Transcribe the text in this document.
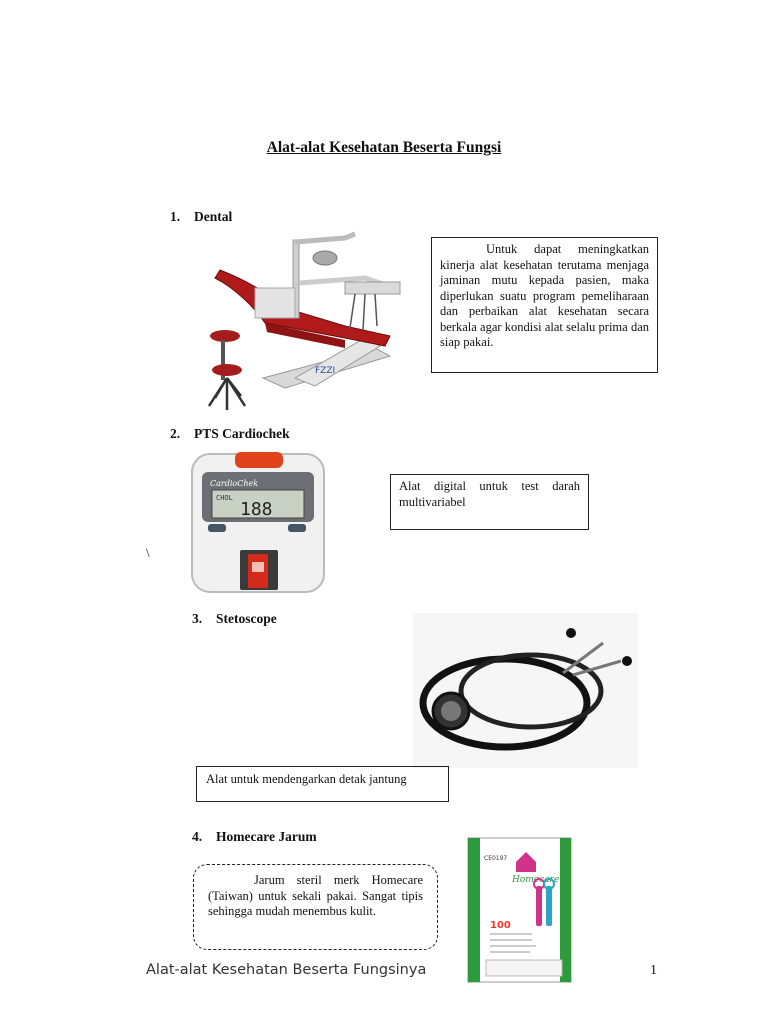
Alat-alat Kesehatan Beserta Fungsi
1. Dental
FZZI
Untuk dapat meningkatkan kinerja alat kesehatan terutama menjaga jaminan mutu kepada pasien, maka diperlukan suatu program pemeliharaan dan perbaikan alat kesehatan secara berkala agar kondisi alat selalu prima dan siap pakai.
2. PTS Cardiochek
CardioChek
CHOL
188
Alat digital untuk test darah multivariabel
\
3. Stetoscope
Alat untuk mendengarkan detak jantung
4. Homecare Jarum
CE0197
Homecare
100
Jarum steril merk Homecare (Taiwan) untuk sekali pakai. Sangat tipis sehingga mudah menembus kulit.
Alat-alat Kesehatan Beserta Fungsinya	1
